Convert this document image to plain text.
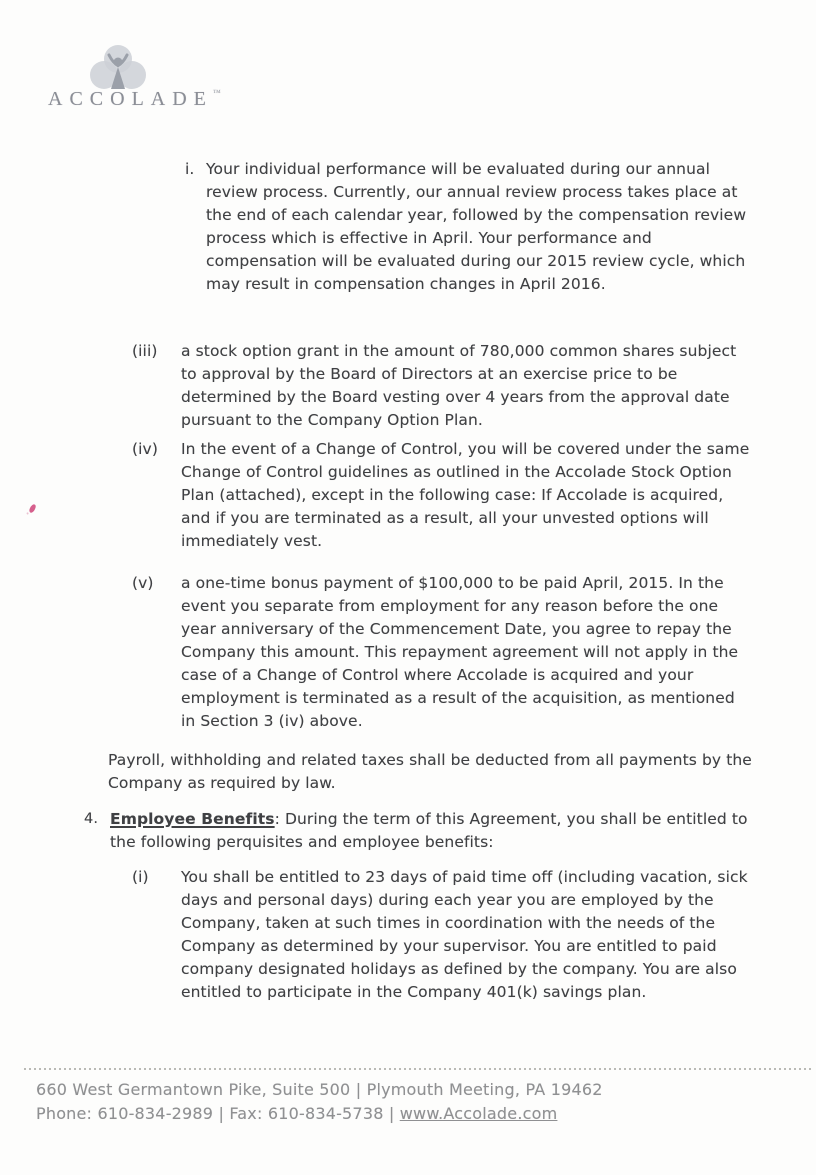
ACCOLADE™
i. Your individual performance will be evaluated during our annual review process. Currently, our annual review process takes place at the end of each calendar year, followed by the compensation review process which is effective in April. Your performance and compensation will be evaluated during our 2015 review cycle, which may result in compensation changes in April 2016.
(iii)	a stock option grant in the amount of 780,000 common shares subject to approval by the Board of Directors at an exercise price to be determined by the Board vesting over 4 years from the approval date pursuant to the Company Option Plan.
(iv)	In the event of a Change of Control, you will be covered under the same Change of Control guidelines as outlined in the Accolade Stock Option Plan (attached), except in the following case: If Accolade is acquired, and if you are terminated as a result, all your unvested options will immediately vest.
(v)	a one-time bonus payment of $100,000 to be paid April, 2015. In the event you separate from employment for any reason before the one year anniversary of the Commencement Date, you agree to repay the Company this amount. This repayment agreement will not apply in the case of a Change of Control where Accolade is acquired and your employment is terminated as a result of the acquisition, as mentioned in Section 3 (iv) above.
Payroll, withholding and related taxes shall be deducted from all payments by the Company as required by law.
4. Employee Benefits: During the term of this Agreement, you shall be entitled to the following perquisites and employee benefits:
(i)	You shall be entitled to 23 days of paid time off (including vacation, sick days and personal days) during each year you are employed by the Company, taken at such times in coordination with the needs of the Company as determined by your supervisor. You are entitled to paid company designated holidays as defined by the company. You are also entitled to participate in the Company 401(k) savings plan.
660 West Germantown Pike, Suite 500 | Plymouth Meeting, PA 19462
Phone: 610-834-2989 | Fax: 610-834-5738 | www.Accolade.com
